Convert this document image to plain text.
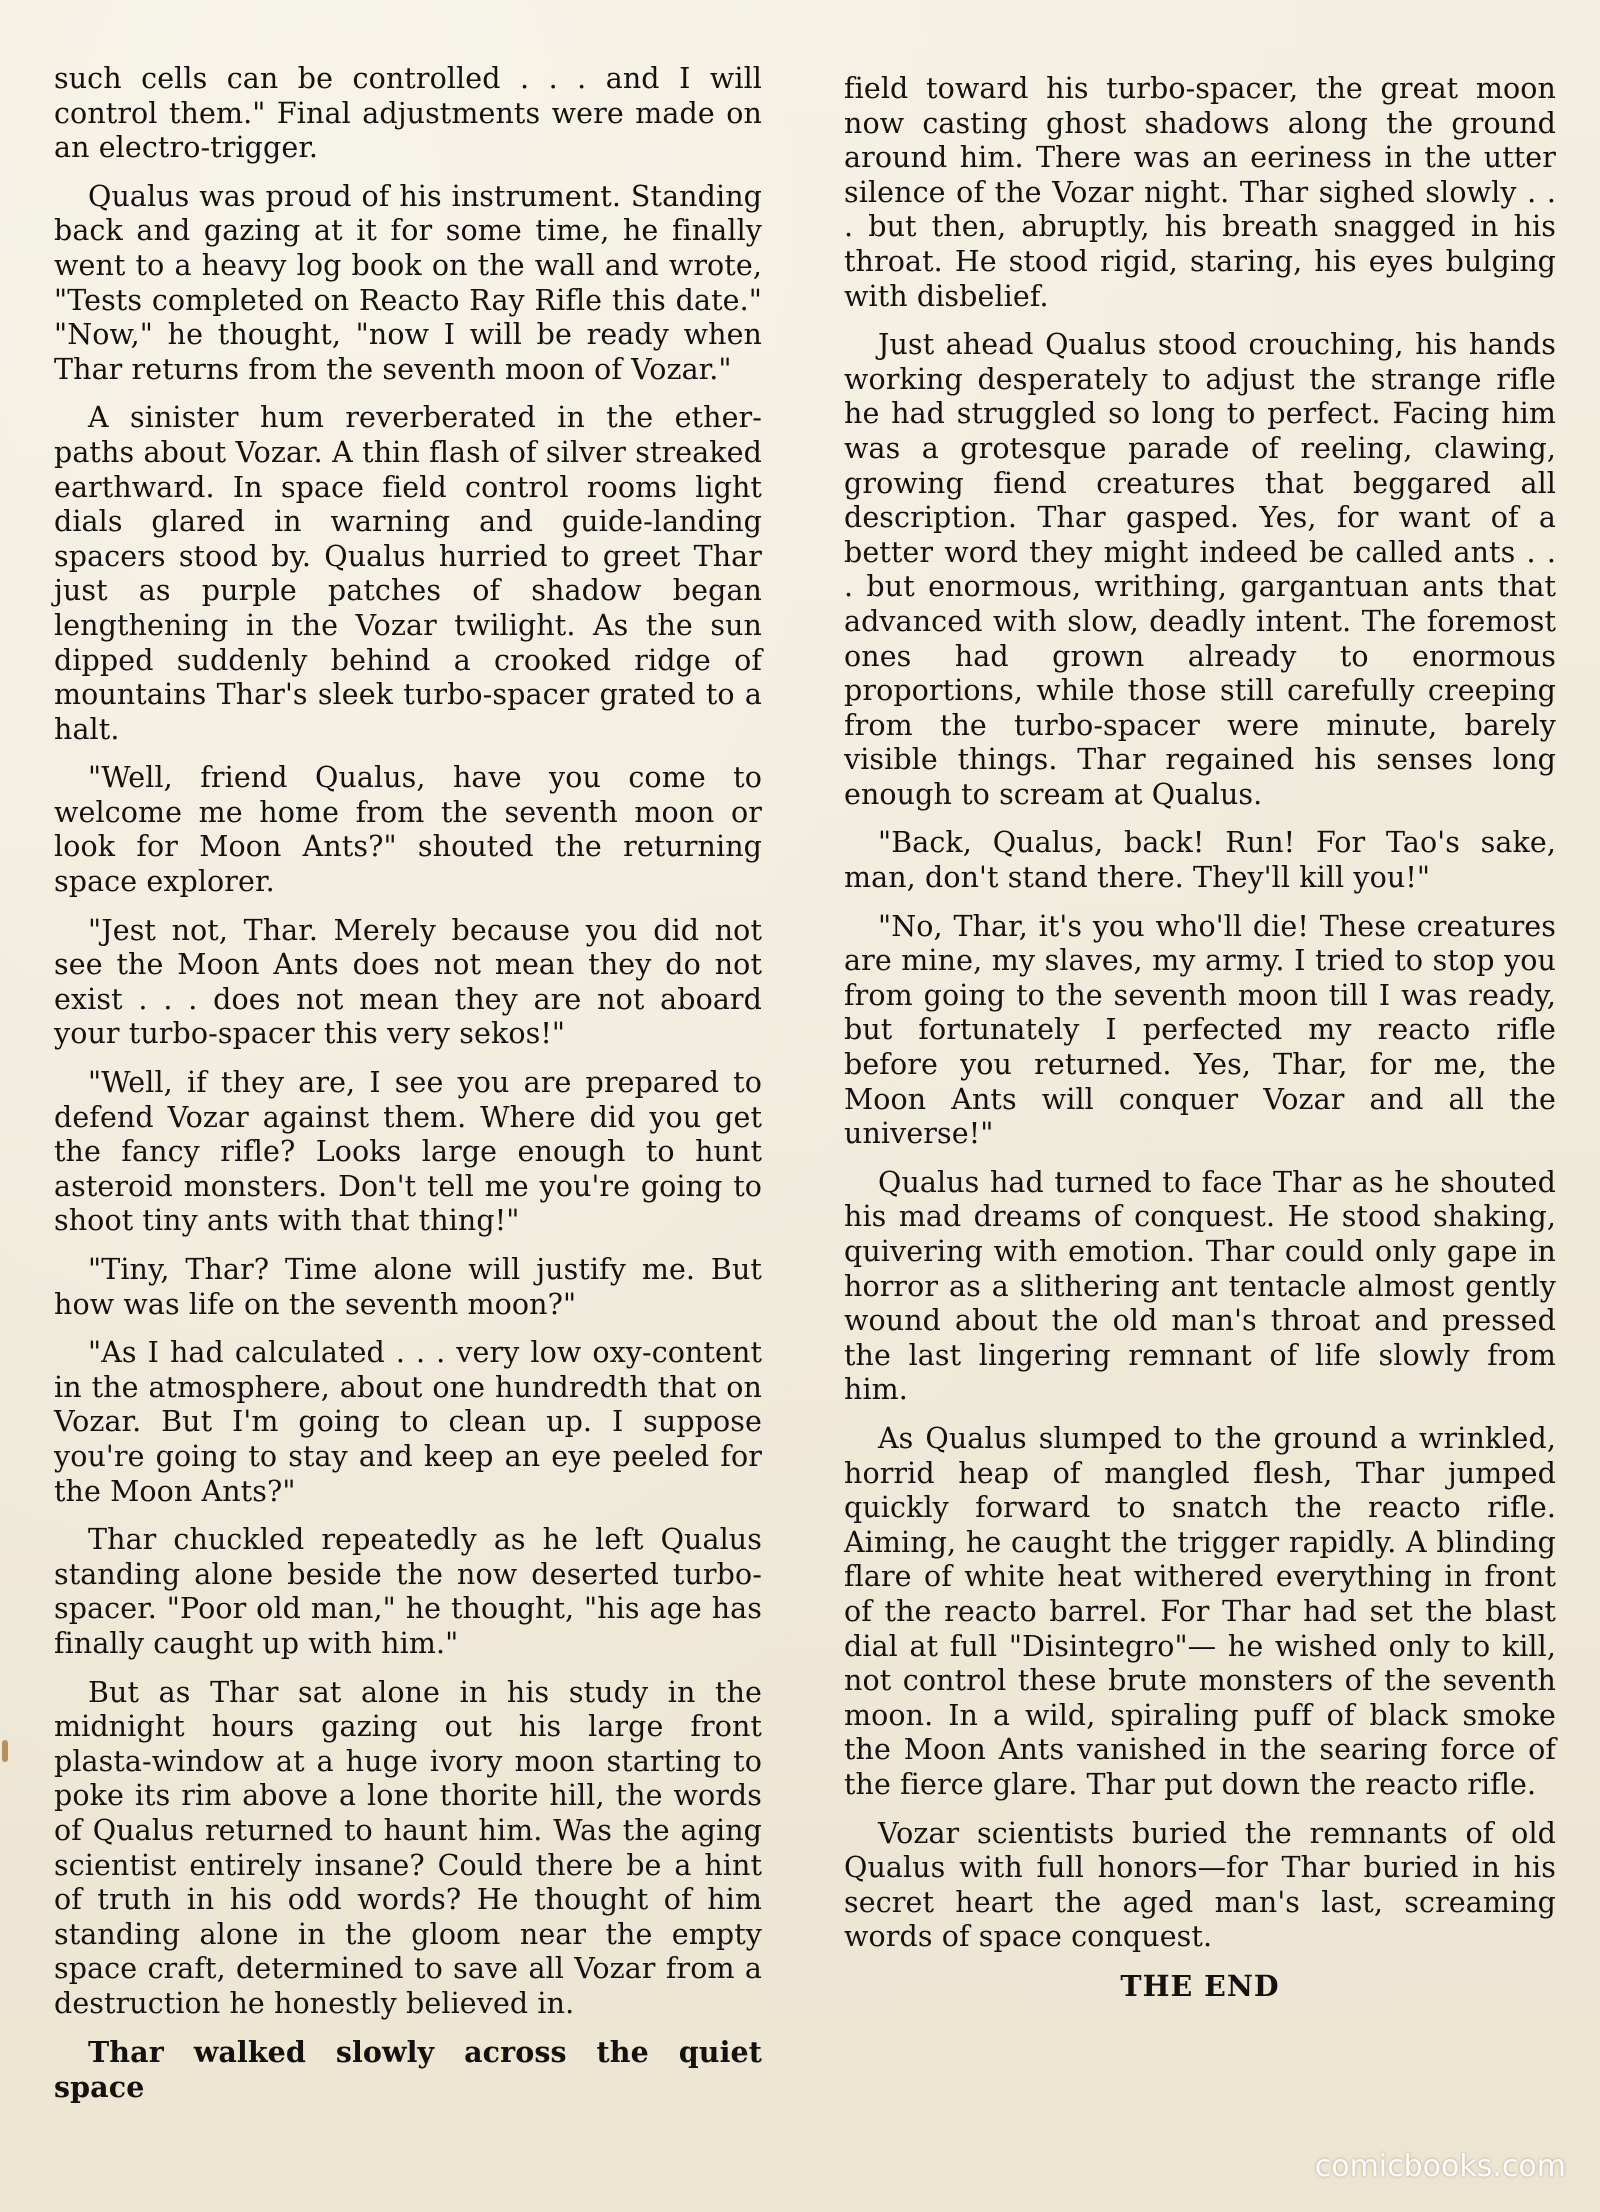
such cells can be controlled . . . and I will control them." Final adjustments were made on an electro-trigger.

Qualus was proud of his instrument. Standing back and gazing at it for some time, he finally went to a heavy log book on the wall and wrote, "Tests completed on Reacto Ray Rifle this date." "Now," he thought, "now I will be ready when Thar returns from the seventh moon of Vozar."

A sinister hum reverberated in the ether-paths about Vozar. A thin flash of silver streaked earthward. In space field control rooms light dials glared in warning and guide-landing spacers stood by. Qualus hurried to greet Thar just as purple patches of shadow began lengthening in the Vozar twilight. As the sun dipped suddenly behind a crooked ridge of mountains Thar's sleek turbo-spacer grated to a halt.

"Well, friend Qualus, have you come to welcome me home from the seventh moon or look for Moon Ants?" shouted the returning space explorer.

"Jest not, Thar. Merely because you did not see the Moon Ants does not mean they do not exist . . . does not mean they are not aboard your turbo-spacer this very sekos!"

"Well, if they are, I see you are prepared to defend Vozar against them. Where did you get the fancy rifle? Looks large enough to hunt asteroid monsters. Don't tell me you're going to shoot tiny ants with that thing!"

"Tiny, Thar? Time alone will justify me. But how was life on the seventh moon?"

"As I had calculated . . . very low oxy-content in the atmosphere, about one hundredth that on Vozar. But I'm going to clean up. I suppose you're going to stay and keep an eye peeled for the Moon Ants?"

Thar chuckled repeatedly as he left Qualus standing alone beside the now deserted turbo-spacer. "Poor old man," he thought, "his age has finally caught up with him."

But as Thar sat alone in his study in the midnight hours gazing out his large front plasta-window at a huge ivory moon starting to poke its rim above a lone thorite hill, the words of Qualus returned to haunt him. Was the aging scientist entirely insane? Could there be a hint of truth in his odd words? He thought of him standing alone in the gloom near the empty space craft, determined to save all Vozar from a destruction he honestly believed in.

Thar walked slowly across the quiet space

field toward his turbo-spacer, the great moon now casting ghost shadows along the ground around him. There was an eeriness in the utter silence of the Vozar night. Thar sighed slowly . . . but then, abruptly, his breath snagged in his throat. He stood rigid, staring, his eyes bulging with disbelief.

Just ahead Qualus stood crouching, his hands working desperately to adjust the strange rifle he had struggled so long to perfect. Facing him was a grotesque parade of reeling, clawing, growing fiend creatures that beggared all description. Thar gasped. Yes, for want of a better word they might indeed be called ants . . . but enormous, writhing, gargantuan ants that advanced with slow, deadly intent. The foremost ones had grown already to enormous proportions, while those still carefully creeping from the turbo-spacer were minute, barely visible things. Thar regained his senses long enough to scream at Qualus.

"Back, Qualus, back! Run! For Tao's sake, man, don't stand there. They'll kill you!"

"No, Thar, it's you who'll die! These creatures are mine, my slaves, my army. I tried to stop you from going to the seventh moon till I was ready, but fortunately I perfected my reacto rifle before you returned. Yes, Thar, for me, the Moon Ants will conquer Vozar and all the universe!"

Qualus had turned to face Thar as he shouted his mad dreams of conquest. He stood shaking, quivering with emotion. Thar could only gape in horror as a slithering ant tentacle almost gently wound about the old man's throat and pressed the last lingering remnant of life slowly from him.

As Qualus slumped to the ground a wrinkled, horrid heap of mangled flesh, Thar jumped quickly forward to snatch the reacto rifle. Aiming, he caught the trigger rapidly. A blinding flare of white heat withered everything in front of the reacto barrel. For Thar had set the blast dial at full "Disintegro"— he wished only to kill, not control these brute monsters of the seventh moon. In a wild, spiraling puff of black smoke the Moon Ants vanished in the searing force of the fierce glare. Thar put down the reacto rifle.

Vozar scientists buried the remnants of old Qualus with full honors—for Thar buried in his secret heart the aged man's last, screaming words of space conquest.

THE END

comicbooks.com
